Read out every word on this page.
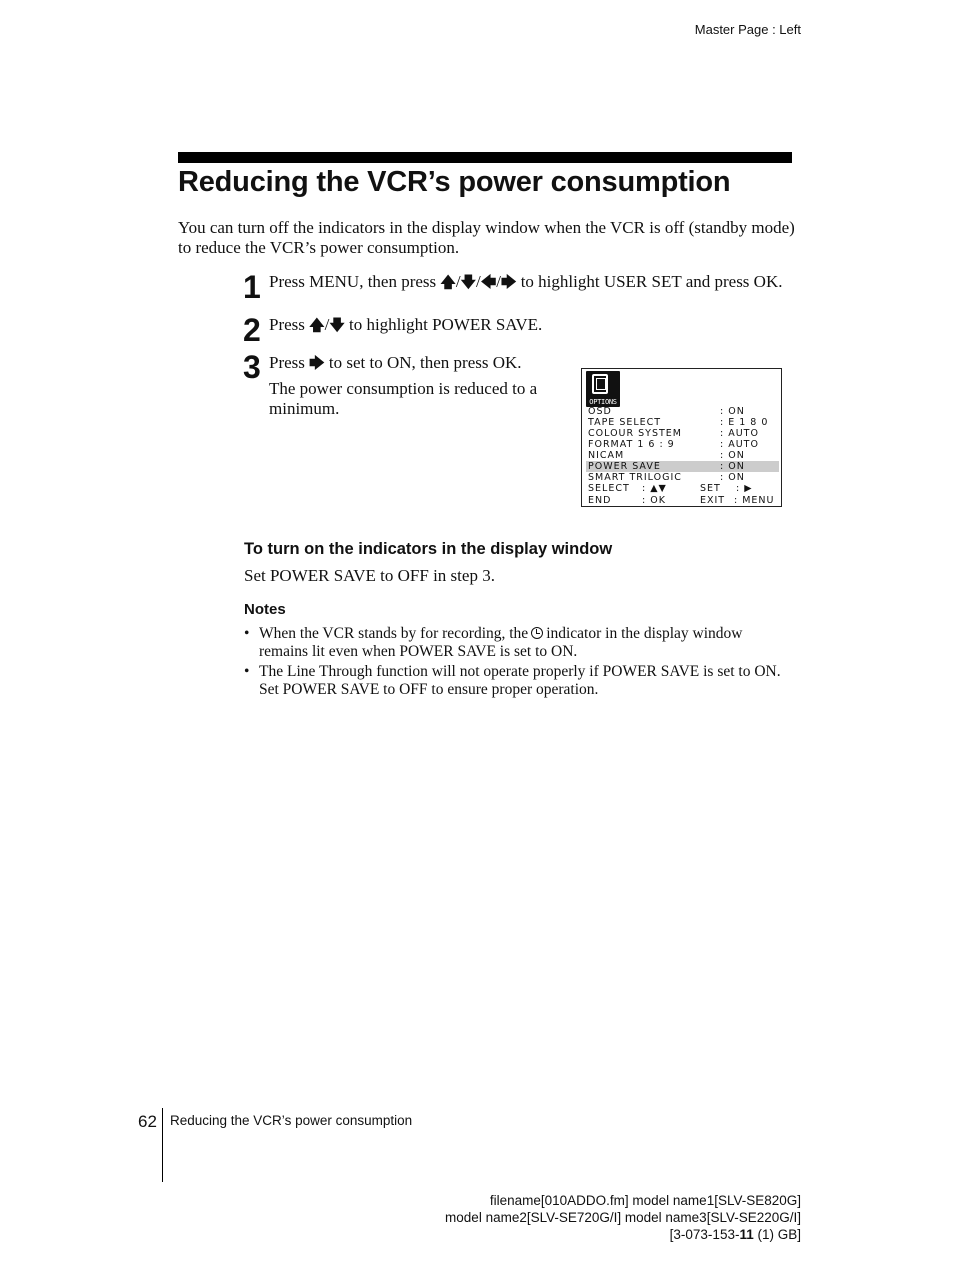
Master Page : Left
Reducing the VCR’s power consumption

You can turn off the indicators in the display window when the VCR is off (standby mode) to reduce the VCR’s power consumption.

1 Press MENU, then press 🡅/🡇/🡄/🡆 to highlight USER SET and press OK.
2 Press 🡅/🡇 to highlight POWER SAVE.
3 Press 🡆 to set to ON, then press OK.
The power consumption is reduced to a minimum.	OPTIONS
OSD	: ON
TAPE SELECT	: E 1 8 0
COLOUR SYSTEM	: AUTO
FORMAT 1 6 : 9	: AUTO
NICAM	: ON
POWER SAVE	: ON
SMART TRILOGIC	: ON
SELECT : ▲▼	SET : ▶
END	: OK	EXIT : MENU
To turn on the indicators in the display window
Set POWER SAVE to OFF in step 3.
Notes
• When the VCR stands by for recording, the indicator in the display window remains lit even when POWER SAVE is set to ON.
• The Line Through function will not operate properly if POWER SAVE is set to ON. Set POWER SAVE to OFF to ensure proper operation.
62 Reducing the VCR’s power consumption
filename[010ADDO.fm] model name1[SLV-SE820G]
model name2[SLV-SE720G/I] model name3[SLV-SE220G/I]
[3-073-153-11 (1) GB]
